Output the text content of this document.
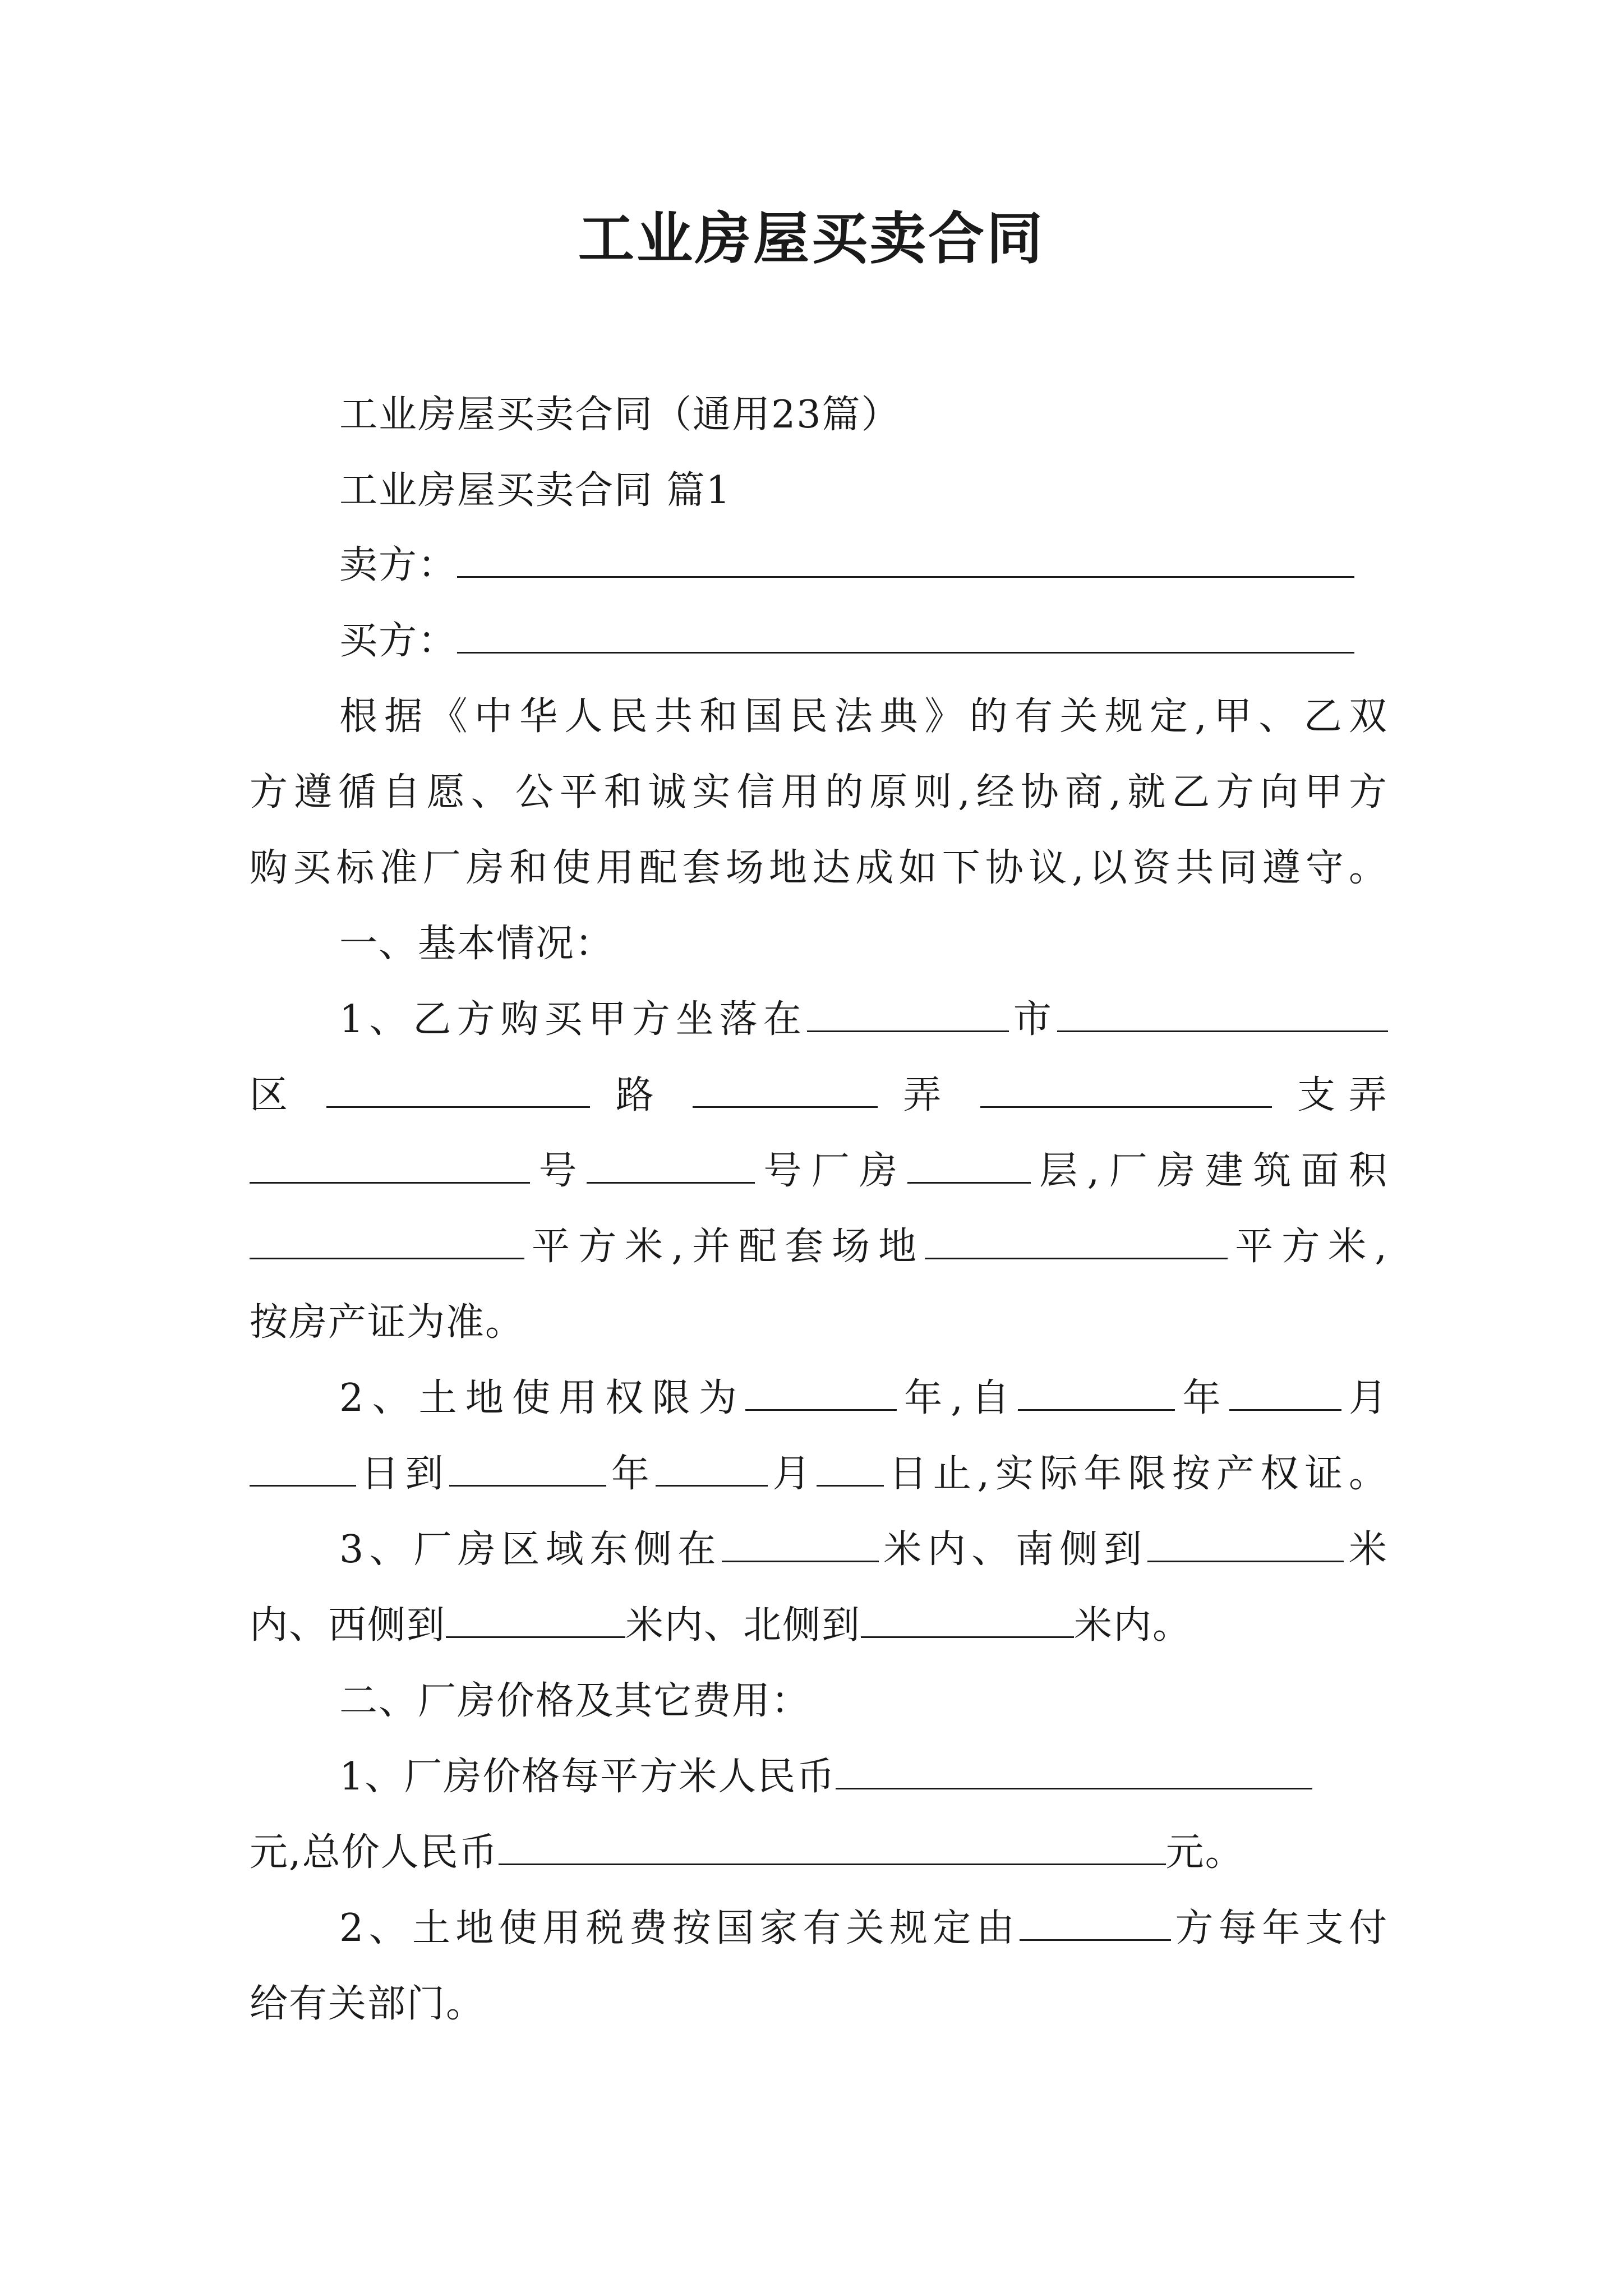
工业房屋买卖合同
工业房屋买卖合同（通用23篇）
工业房屋买卖合同 篇1
卖方：
买方：
根据《中华人民共和国民法典》的有关规定,甲、乙双
方遵循自愿、公平和诚实信用的原则,经协商,就乙方向甲方
购买标准厂房和使用配套场地达成如下协议,以资共同遵守。
一、基本情况：
1、乙方购买甲方坐落在	市
区	路	弄	支弄
号	号厂房	层,厂房建筑面积
平方米,并配套场地	平方米,
按房产证为准。
2、土地使用权限为	年,自	年	月
日到	年	月 日止,实际年限按产权证。
3、厂房区域东侧在	米内、南侧到	米
内、西侧到	米内、北侧到	米内。
二、厂房价格及其它费用：
1、厂房价格每平方米人民币
元,总价人民币	元。
2、土地使用税费按国家有关规定由	方每年支付
给有关部门。
